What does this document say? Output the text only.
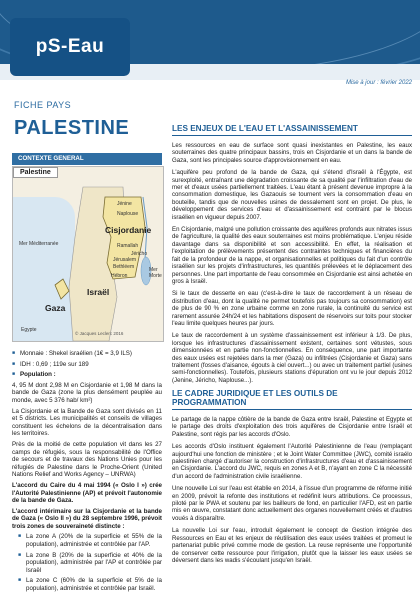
pS-Eau
Mise à jour : février 2022
FICHE PAYS
PALESTINE
CONTEXTE GENERAL
Palestine
Mer Méditerranée
Cisjordanie
Israël
Gaza
Mer Morte
Egypte
Naplouse
Ramallah
Jéricho
Jérusalem
Bethléem
Hébron
Jénine
© Jacques Leclerc 2016

■ Monnaie : Shekel israélien (1€ = 3,9 ILS)

■ IDH : 0,69 ; 119e sur 189

■ Population :

4, 95 M dont 2,98 M en Cisjordanie et 1,98 M dans la bande de Gaza (zone la plus densément peuplée au monde, avec 5 376 hab/ km²)

La Cisjordanie et la Bande de Gaza sont divisés en 11 et 5 districts. Les municipalités et conseils de villages constituent les échelons de la décentralisation dans les territoires.

Près de la moitié de cette population vit dans les 27 camps de réfugiés, sous la responsabilité de l'Office de secours et de travaux des Nations Unies pour les réfugiés de Palestine dans le Proche-Orient (United Nations Relief and Works Agency – UNRWA)

L'accord du Caire du 4 mai 1994 (« Oslo I ») crée l'Autorité Palestinienne (AP) et prévoit l'autonomie de la bande de Gaza.

L'accord intérimaire sur la Cisjordanie et la bande de Gaza (« Oslo II ») du 28 septembre 1996, prévoit trois zones de souveraineté distincte :

■ La zone A (20% de la superficie et 55% de la population), administrée et contrôlée par l'AP.

■ La zone B (20% de la superficie et 40% de la population), administrée par l'AP et contrôlée par Israël

■ La zone C (60% de la superficie et 5% de la population), administrée et contrôlée par Israël.

LES ENJEUX DE L'EAU ET L'ASSAINISSEMENT

Les ressources en eau de surface sont quasi inexistantes en Palestine, les eaux souterraines des quatre principaux bassins, trois en Cisjordanie et un dans la bande de Gaza, sont les principales source d'approvisionnement en eau.

L'aquifère peu profond de la bande de Gaza, qui s'étend d'Israël à l'Égypte, est surexploité, entraînant une dégradation croissante de sa qualité par l'infiltration d'eau de mer et d'eaux usées partiellement traitées. L'eau étant à présent devenue impropre à la consommation domestique, les Gazaouis se tournent vers la consommation d'eau en bouteille, tandis que de nouvelles usines de dessalement sont en projet. De plus, le développement des services d'eau et d'assainissement est contraint par le blocus israélien en vigueur depuis 2007.

En Cisjordanie, malgré une pollution croissante des aquifères profonds aux nitrates issus de l'agriculture, la qualité des eaux souterraines est moins problématique. L'enjeu réside davantage dans sa disponibilité et son accessibilité. En effet, la réalisation et l'exploitation de prélèvements présentent des contraintes techniques et financières du fait de la profondeur de la nappe, et organisationnelles et politiques du fait d'un contrôle israélien sur les projets d'infrastructures, les quantités prélevées et le déplacement des personnes. Une part importante de l'eau consommée en Cisjordanie est ainsi achetée en gros à Israël.

Si le taux de desserte en eau (c'est-à-dire le taux de raccordement à un réseau de distribution d'eau, dont la qualité ne permet toutefois pas toujours sa consommation) est de plus de 90 % en zone urbaine comme en zone rurale, la continuité du service est rarement assurée 24h/24 et les habitations disposent de réservoirs sur toits pour stocker l'eau limite quelques heures par jours.

Le taux de raccordement à un système d'assainissement est inférieur à 1/3. De plus, lorsque les infrastructures d'assainissement existent, certaines sont vétustes, sous dimensionnées et en partie non-fonctionnelles. En conséquence, une part importante des eaux usées est rejetées dans la mer (Gaza) ou infiltrées (Cisjordanie et Gaza) sans traitement (fosses d'aisance, égouts à ciel ouvert...) ou avec un traitement partiel (usines semi-fonctionnelles). Toutefois, plusieurs stations d'épuration ont vu le jour depuis 2012 (Jenine, Jéricho, Naplouse...).

LE CADRE JURIDIQUE ET LES OUTILS DE PROGRAMMATION

Le partage de la nappe côtière de la bande de Gaza entre Israël, Palestine et Egypte et le partage des droits d'exploitation des trois aquifères de Cisjordanie entre Israël et Palestine, sont régis par les accords d'Oslo.

Les accords d'Oslo instituent également l'Autorité Palestinienne de l'eau (remplaçant aujourd'hui une fonction de ministère ; et le Joint Water Committee (JWC), comité israélo palestinien chargé d'autoriser la construction d'infrastructures d'eau et d'assainissement en Cisjordanie. L'accord du JWC, requis en zones A et B, n'ayant en zone C la nécessité d'un accord de l'administration civile israélienne.

Une nouvelle Loi sur l'eau est établie en 2014, à l'issue d'un programme de réforme initié en 2009, prévoit la refonte des institutions et redéfinit leurs attributions. Ce processus, piloté par le PWA et soutenu par les bailleurs de fond, en particulier l'AFD, est en partie mis en œuvre, constatant donc actuellement des organes nouvellement créés et d'autres voués à disparaître.

La nouvelle Loi sur l'eau, introduit également le concept de Gestion intégrée des Ressources en Eau et les enjeux de réutilisation des eaux usées traitées et promeut le partenariat public privé comme mode de gestion. La reuse représente une l'opportunité de conserver cette ressource pour l'irrigation, plutôt que la laisser les eaux usées se déversent dans les wadis s'écoulant jusqu'en Israël.
